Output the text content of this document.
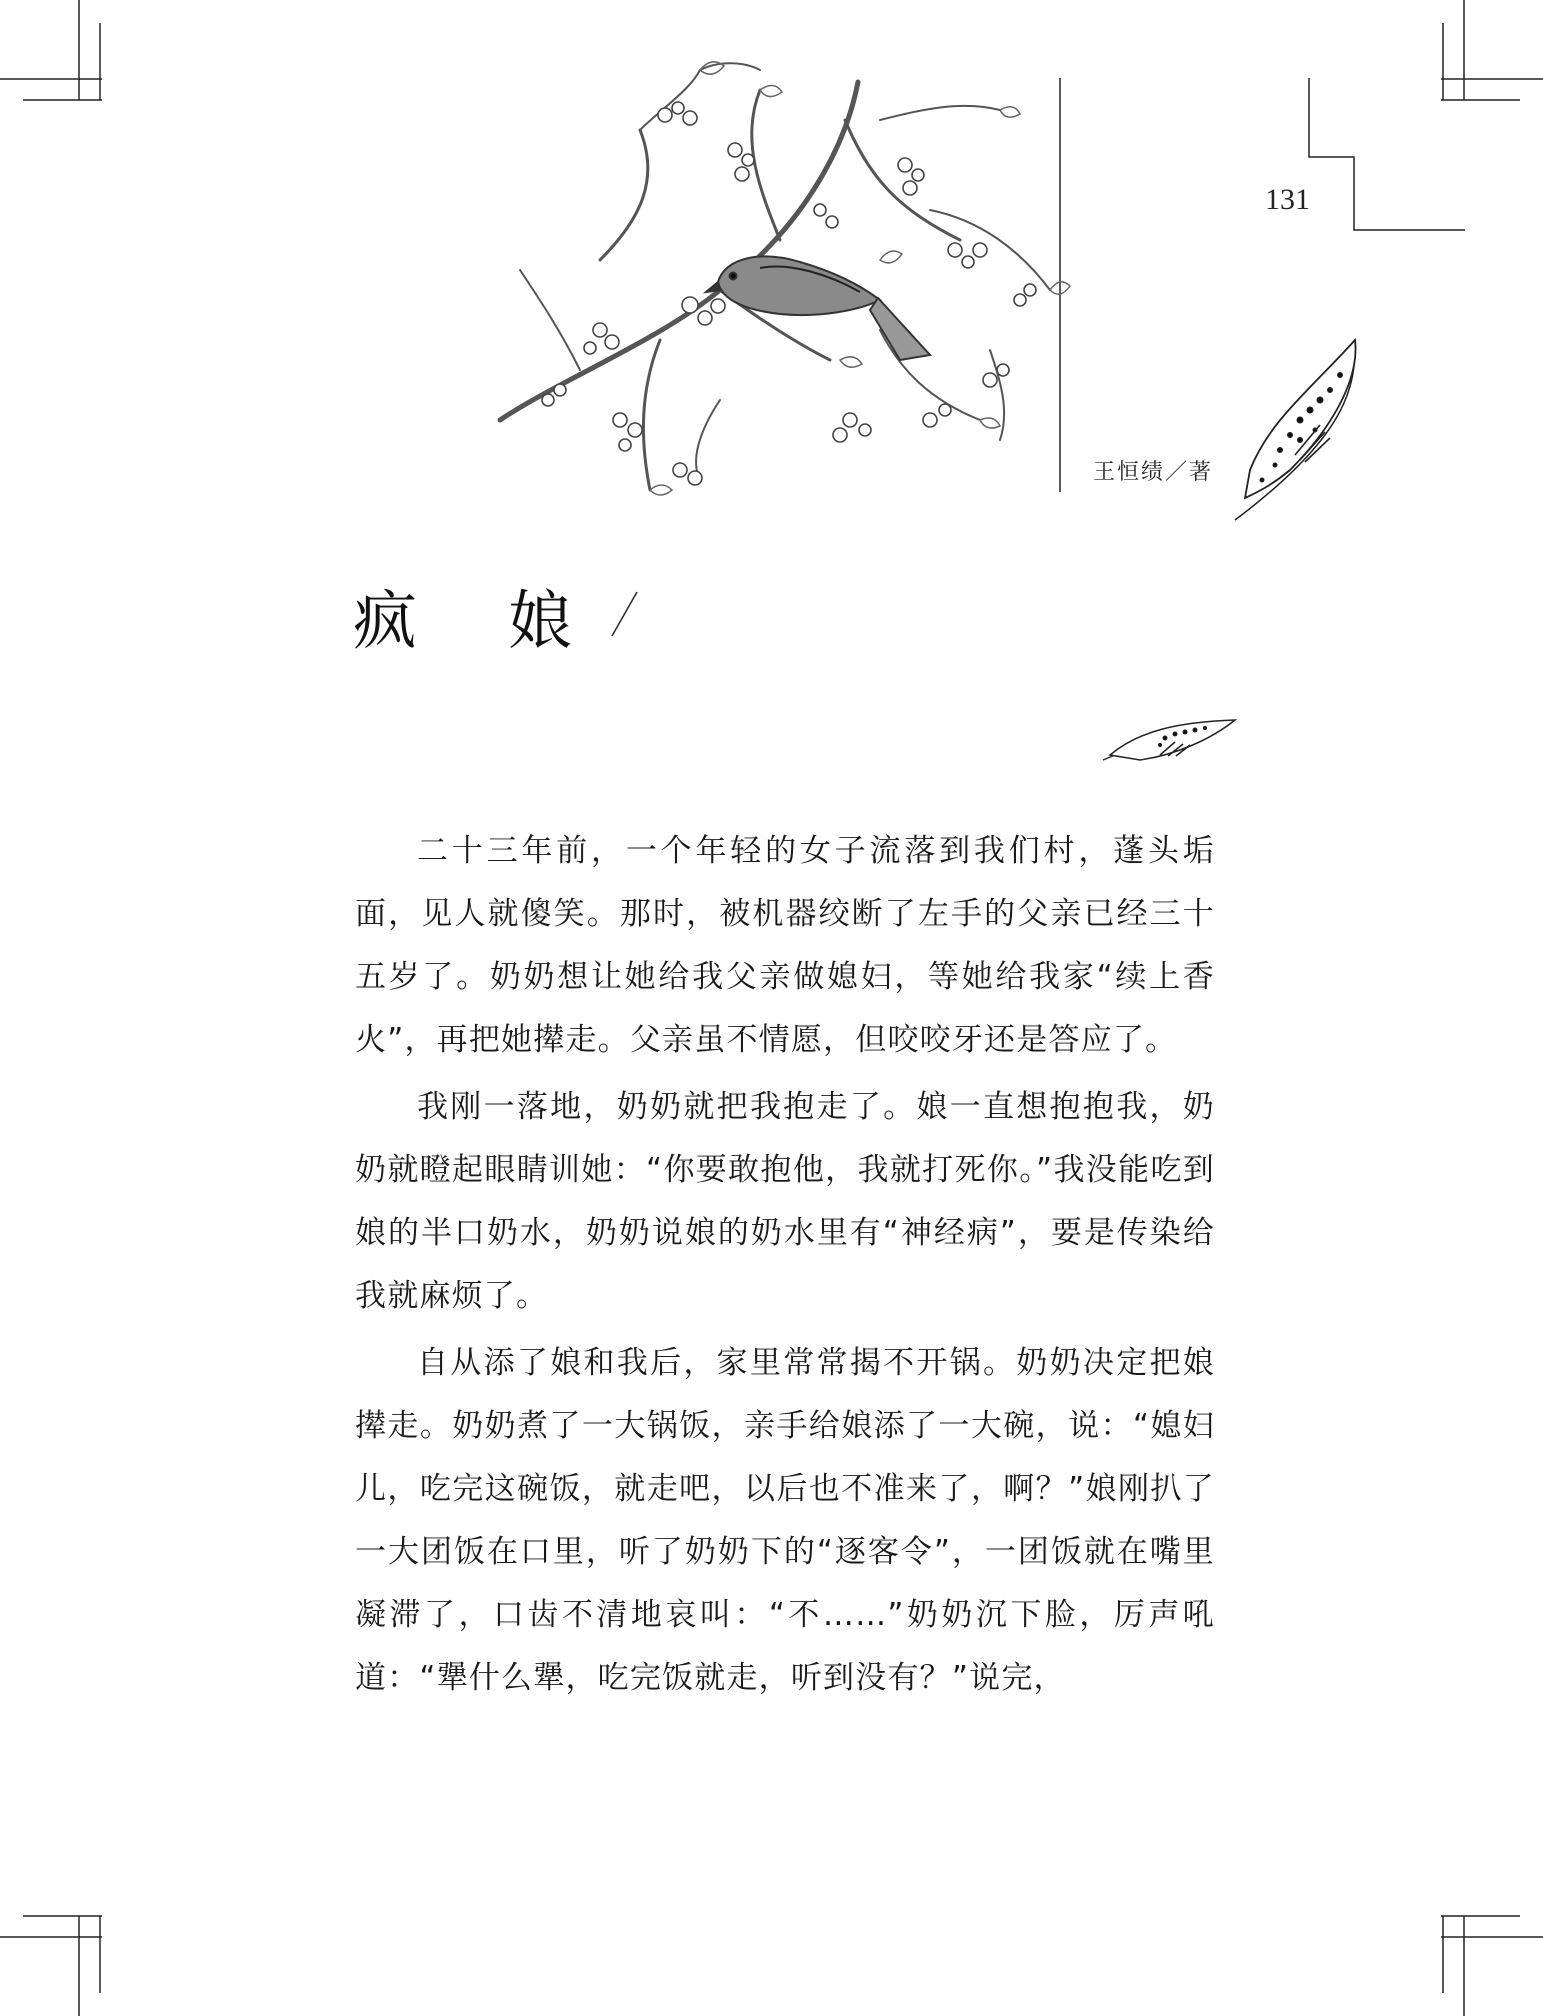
131
王恒绩／著
疯 娘

二十三年前，一个年轻的女子流落到我们村，蓬头垢面，见人就傻笑。那时，被机器绞断了左手的父亲已经三十五岁了。奶奶想让她给我父亲做媳妇，等她给我家“续上香火”，再把她撵走。父亲虽不情愿，但咬咬牙还是答应了。

我刚一落地，奶奶就把我抱走了。娘一直想抱抱我，奶奶就瞪起眼睛训她：“你要敢抱他，我就打死你。”我没能吃到娘的半口奶水，奶奶说娘的奶水里有“神经病”，要是传染给我就麻烦了。

自从添了娘和我后，家里常常揭不开锅。奶奶决定把娘撵走。奶奶煮了一大锅饭，亲手给娘添了一大碗，说：“媳妇儿，吃完这碗饭，就走吧，以后也不准来了，啊？”娘刚扒了一大团饭在口里，听了奶奶下的“逐客令”，一团饭就在嘴里凝滞了，口齿不清地哀叫：“不……”奶奶沉下脸，厉声吼道：“犟什么犟，吃完饭就走，听到没有？”说完，
